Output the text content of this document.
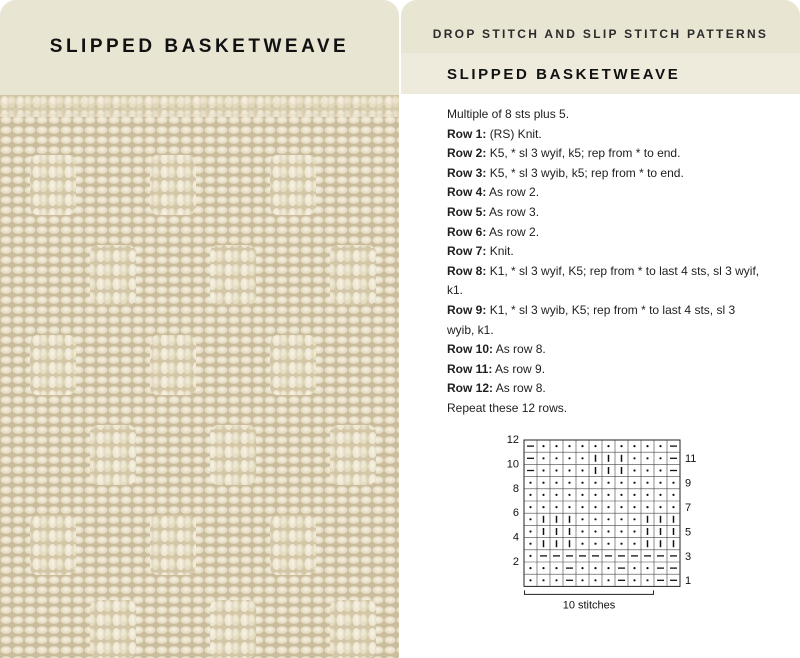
SLIPPED BASKETWEAVE
DROP STITCH AND SLIP STITCH PATTERNS
SLIPPED BASKETWEAVE

Multiple of 8 sts plus 5.

Row 1: (RS) Knit.

Row 2: K5, * sl 3 wyif, k5; rep from * to end.

Row 3: K5, * sl 3 wyib, k5; rep from * to end.

Row 4: As row 2.

Row 5: As row 3.

Row 6: As row 2.

Row 7: Knit.

Row 8: K1, * sl 3 wyif, K5; rep from * to last 4 sts, sl 3 wyif, k1.

Row 9: K1, * sl 3 wyib, K5; rep from * to last 4 sts, sl 3 wyib, k1.

Row 10: As row 8.

Row 11: As row 9.

Row 12: As row 8.

Repeat these 12 rows.

12
10
8
6
4
2
11
9
7
5
3
1
10 stitches
